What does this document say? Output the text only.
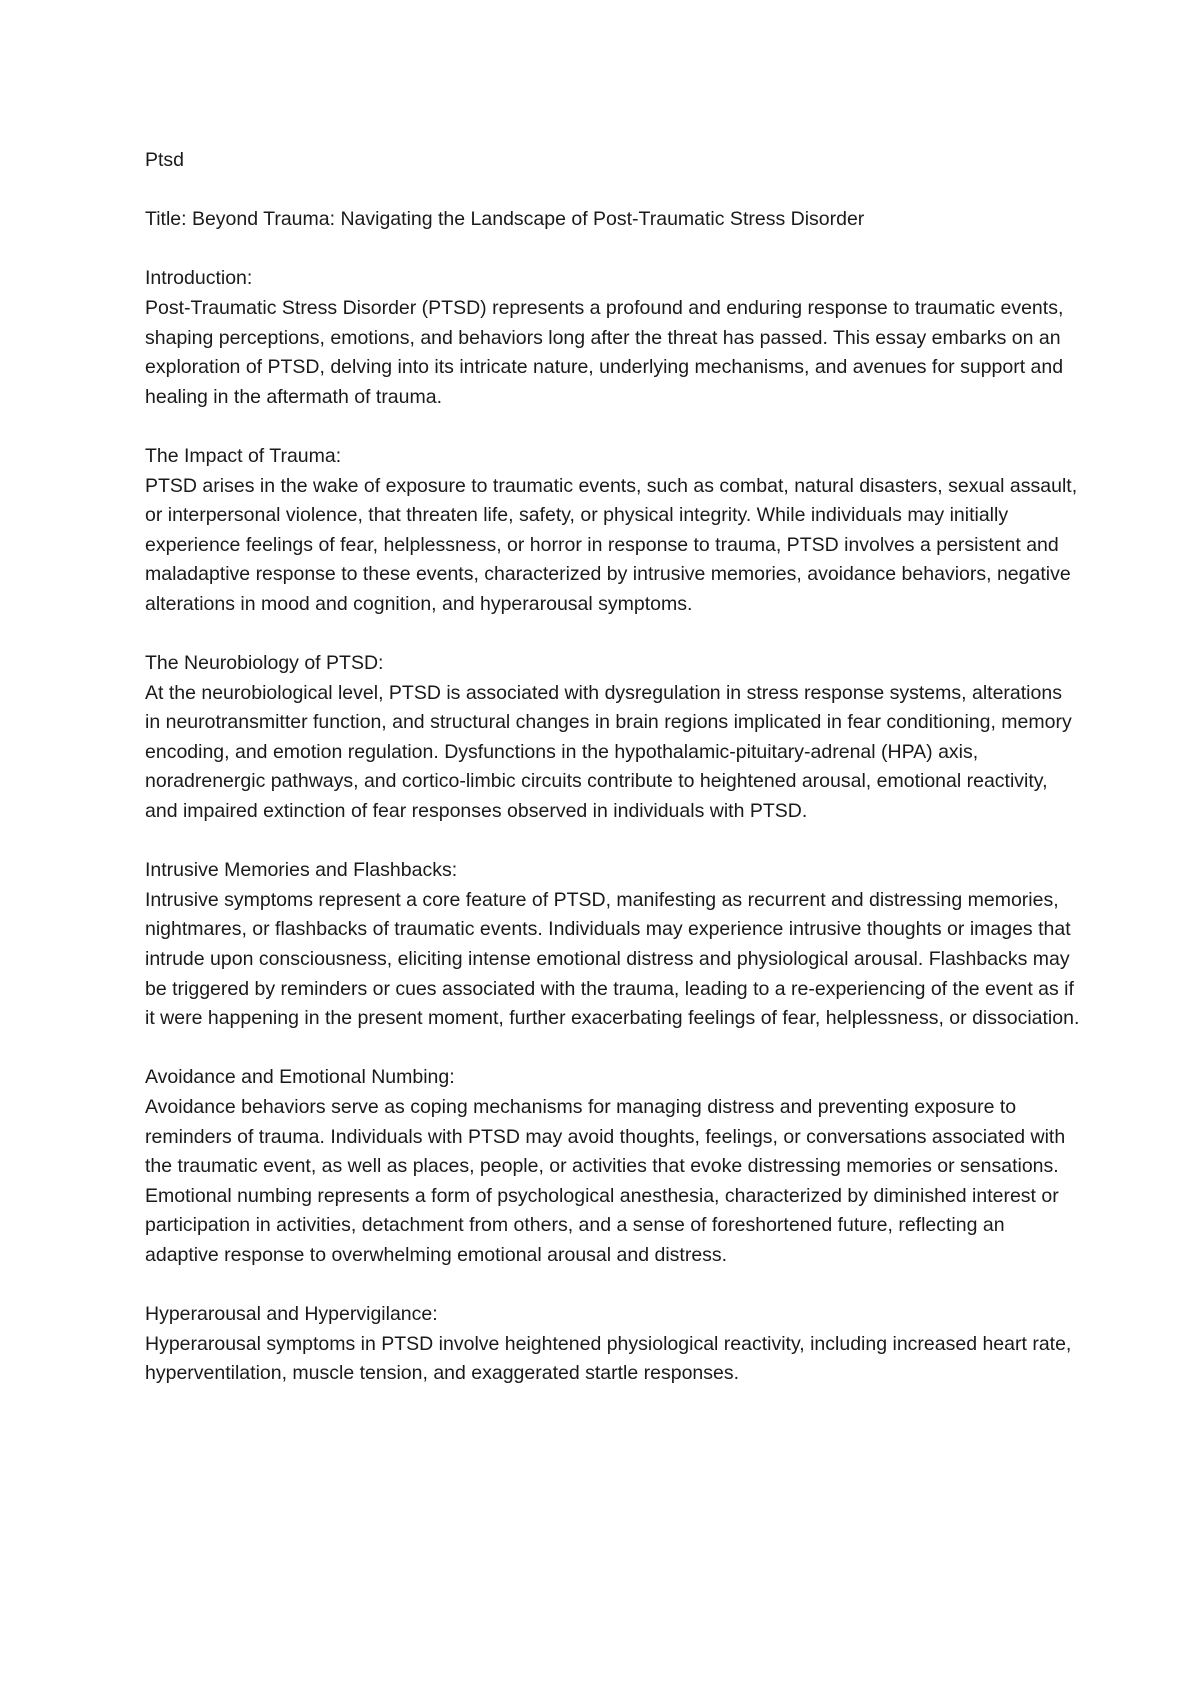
Ptsd

Title: Beyond Trauma: Navigating the Landscape of Post-Traumatic Stress Disorder

Introduction:

Post-Traumatic Stress Disorder (PTSD) represents a profound and enduring response to traumatic events, shaping perceptions, emotions, and behaviors long after the threat has passed. This essay embarks on an exploration of PTSD, delving into its intricate nature, underlying mechanisms, and avenues for support and healing in the aftermath of trauma.

The Impact of Trauma:

PTSD arises in the wake of exposure to traumatic events, such as combat, natural disasters, sexual assault, or interpersonal violence, that threaten life, safety, or physical integrity. While individuals may initially experience feelings of fear, helplessness, or horror in response to trauma, PTSD involves a persistent and maladaptive response to these events, characterized by intrusive memories, avoidance behaviors, negative alterations in mood and cognition, and hyperarousal symptoms.

The Neurobiology of PTSD:

At the neurobiological level, PTSD is associated with dysregulation in stress response systems, alterations in neurotransmitter function, and structural changes in brain regions implicated in fear conditioning, memory encoding, and emotion regulation. Dysfunctions in the hypothalamic-pituitary-adrenal (HPA) axis, noradrenergic pathways, and cortico-limbic circuits contribute to heightened arousal, emotional reactivity, and impaired extinction of fear responses observed in individuals with PTSD.

Intrusive Memories and Flashbacks:

Intrusive symptoms represent a core feature of PTSD, manifesting as recurrent and distressing memories, nightmares, or flashbacks of traumatic events. Individuals may experience intrusive thoughts or images that intrude upon consciousness, eliciting intense emotional distress and physiological arousal. Flashbacks may be triggered by reminders or cues associated with the trauma, leading to a re-experiencing of the event as if it were happening in the present moment, further exacerbating feelings of fear, helplessness, or dissociation.

Avoidance and Emotional Numbing:

Avoidance behaviors serve as coping mechanisms for managing distress and preventing exposure to reminders of trauma. Individuals with PTSD may avoid thoughts, feelings, or conversations associated with the traumatic event, as well as places, people, or activities that evoke distressing memories or sensations. Emotional numbing represents a form of psychological anesthesia, characterized by diminished interest or participation in activities, detachment from others, and a sense of foreshortened future, reflecting an adaptive response to overwhelming emotional arousal and distress.

Hyperarousal and Hypervigilance:

Hyperarousal symptoms in PTSD involve heightened physiological reactivity, including increased heart rate, hyperventilation, muscle tension, and exaggerated startle responses.
